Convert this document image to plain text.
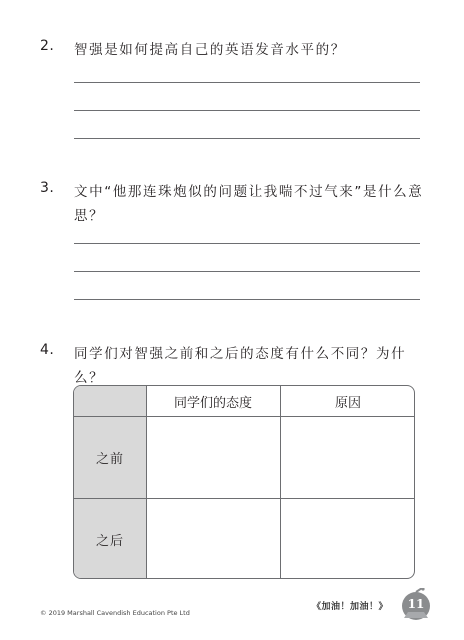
2. 智强是如何提高自己的英语发音水平的？
3. 文中“他那连珠炮似的问题让我喘不过气来”是什么意思？
4. 同学们对智强之前和之后的态度有什么不同？为什么？
同学们的态度	原因
之前
之后
© 2019 Marshall Cavendish Education Pte Ltd
《加油！加油！》	11
